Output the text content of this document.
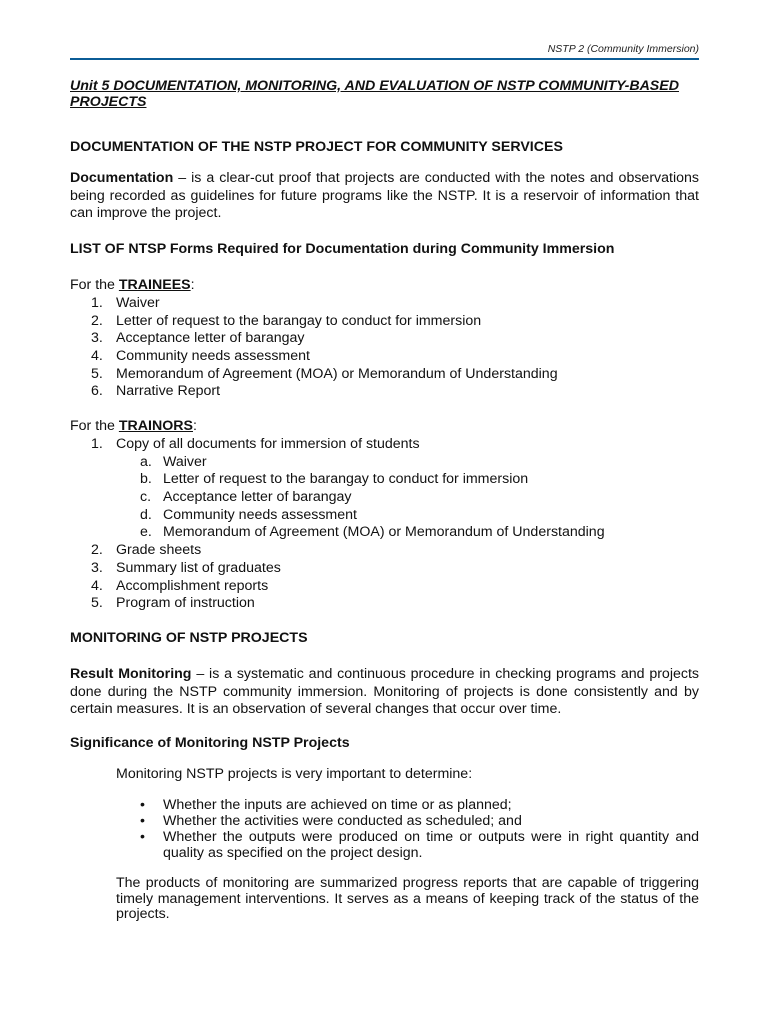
NSTP 2 (Community Immersion)
Unit 5 DOCUMENTATION, MONITORING, AND EVALUATION OF NSTP COMMUNITY-BASED PROJECTS
DOCUMENTATION OF THE NSTP PROJECT FOR COMMUNITY SERVICES
Documentation – is a clear-cut proof that projects are conducted with the notes and observations being recorded as guidelines for future programs like the NSTP. It is a reservoir of information that can improve the project.
LIST OF NTSP Forms Required for Documentation during Community Immersion
For the TRAINEES:
1. Waiver
2. Letter of request to the barangay to conduct for immersion
3. Acceptance letter of barangay
4. Community needs assessment
5. Memorandum of Agreement (MOA) or Memorandum of Understanding
6. Narrative Report
For the TRAINORS:
1. Copy of all documents for immersion of students
a. Waiver
b. Letter of request to the barangay to conduct for immersion
c. Acceptance letter of barangay
d. Community needs assessment
e. Memorandum of Agreement (MOA) or Memorandum of Understanding
2. Grade sheets
3. Summary list of graduates
4. Accomplishment reports
5. Program of instruction
MONITORING OF NSTP PROJECTS
Result Monitoring – is a systematic and continuous procedure in checking programs and projects done during the NSTP community immersion. Monitoring of projects is done consistently and by certain measures. It is an observation of several changes that occur over time.
Significance of Monitoring NSTP Projects
Monitoring NSTP projects is very important to determine:
• Whether the inputs are achieved on time or as planned;
• Whether the activities were conducted as scheduled; and
• Whether the outputs were produced on time or outputs were in right quantity and quality as specified on the project design.
The products of monitoring are summarized progress reports that are capable of triggering timely management interventions. It serves as a means of keeping track of the status of the projects.
